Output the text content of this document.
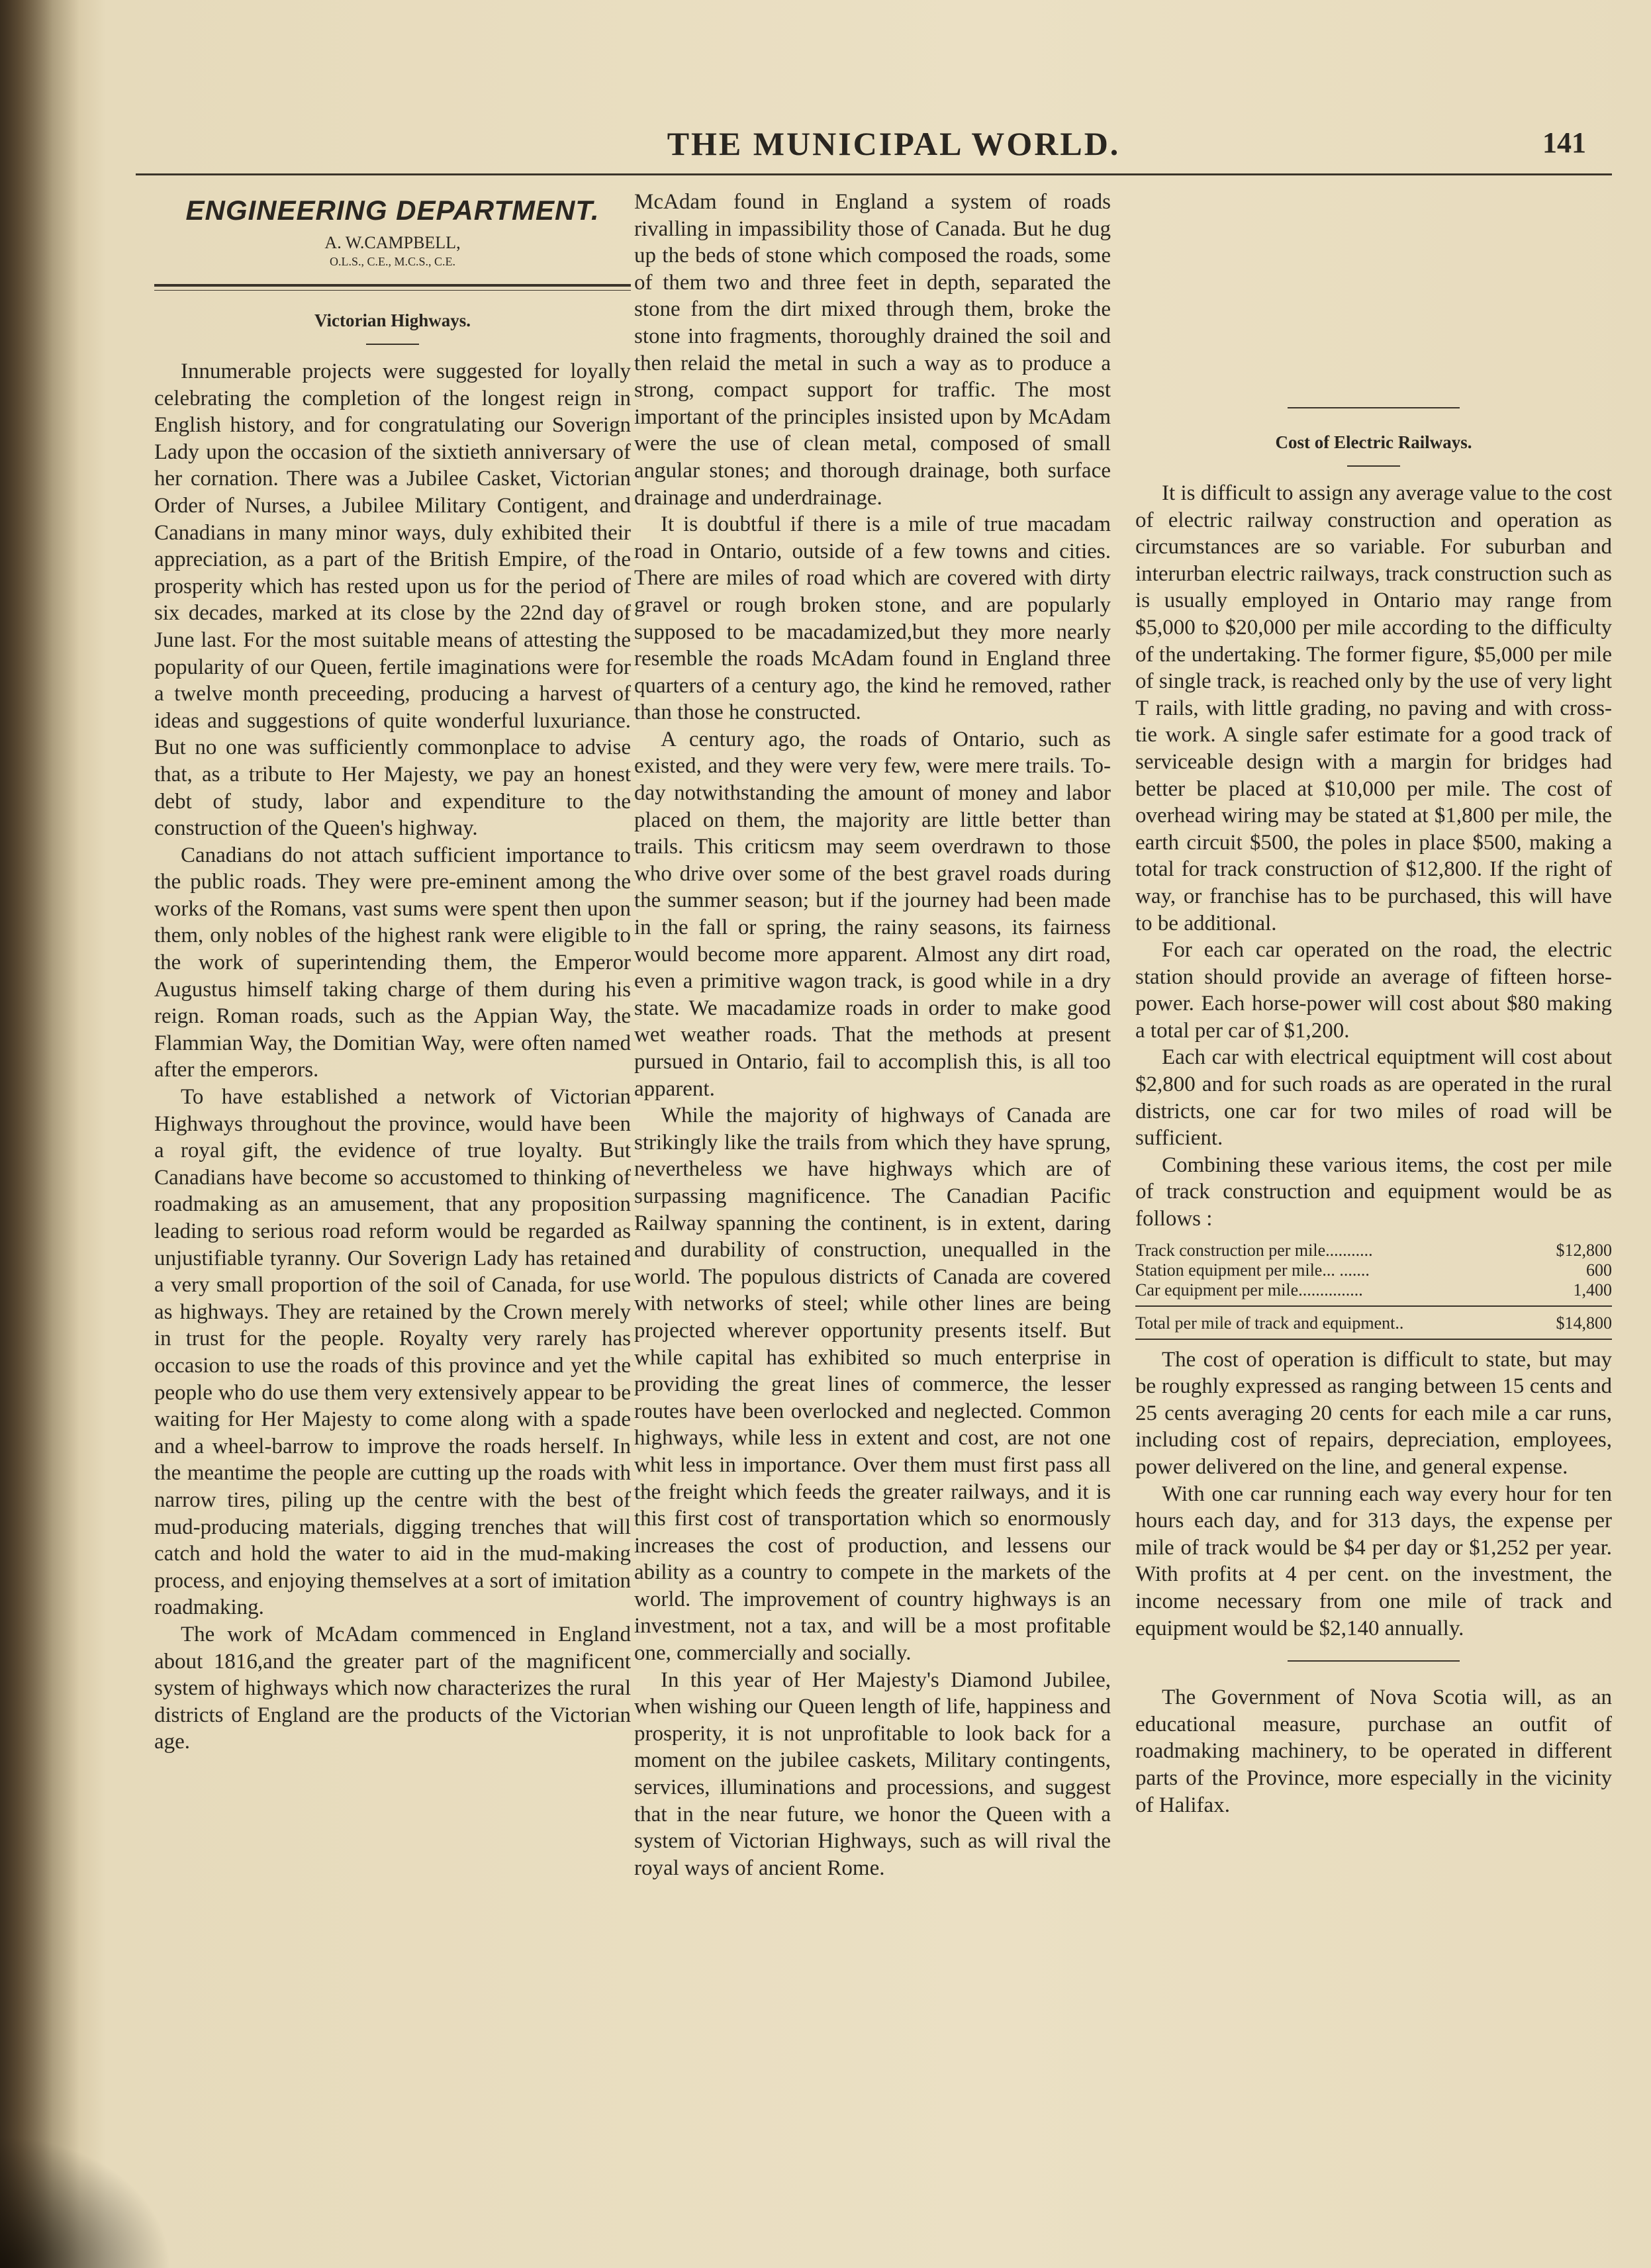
THE MUNICIPAL WORLD.	141
ENGINEERING DEPARTMENT.
A. W.CAMPBELL,
O.L.S., C.E., M.C.S., C.E.
Victorian Highways.

Innumerable projects were suggested for loyally celebrating the completion of the longest reign in English history, and for congratulating our Soverign Lady upon the occasion of the sixtieth anniversary of her cornation. There was a Jubilee Casket, Victorian Order of Nurses, a Jubilee Military Contigent, and Canadians in many minor ways, duly exhibited their appreciation, as a part of the British Empire, of the prosperity which has rested upon us for the period of six decades, marked at its close by the 22nd day of June last. For the most suitable means of attesting the popularity of our Queen, fertile imaginations were for a twelve month preceeding, producing a harvest of ideas and suggestions of quite wonderful luxuriance. But no one was sufficiently commonplace to advise that, as a tribute to Her Majesty, we pay an honest debt of study, labor and expenditure to the construction of the Queen's highway.

Canadians do not attach sufficient importance to the public roads. They were pre-eminent among the works of the Romans, vast sums were spent then upon them, only nobles of the highest rank were eligible to the work of superintending them, the Emperor Augustus himself taking charge of them during his reign. Roman roads, such as the Appian Way, the Flammian Way, the Domitian Way, were often named after the emperors.

To have established a network of Victorian Highways throughout the province, would have been a royal gift, the evidence of true loyalty. But Canadians have become so accustomed to thinking of roadmaking as an amusement, that any proposition leading to serious road reform would be regarded as unjustifiable tyranny. Our Soverign Lady has retained a very small proportion of the soil of Canada, for use as highways. They are retained by the Crown merely in trust for the people. Royalty very rarely has occasion to use the roads of this province and yet the people who do use them very extensively appear to be waiting for Her Majesty to come along with a spade and a wheel-barrow to improve the roads herself. In the meantime the people are cutting up the roads with narrow tires, piling up the centre with the best of mud-producing materials, digging trenches that will catch and hold the water to aid in the mud-making process, and enjoying themselves at a sort of imitation roadmaking.

The work of McAdam commenced in England about 1816,and the greater part of the magnificent system of highways which now characterizes the rural districts of England are the products of the Victorian age.

McAdam found in England a system of roads rivalling in impassibility those of Canada. But he dug up the beds of stone which composed the roads, some of them two and three feet in depth, separated the stone from the dirt mixed through them, broke the stone into fragments, thoroughly drained the soil and then relaid the metal in such a way as to produce a strong, compact support for traffic. The most important of the principles insisted upon by McAdam were the use of clean metal, composed of small angular stones; and thorough drainage, both surface drainage and underdrainage.

It is doubtful if there is a mile of true macadam road in Ontario, outside of a few towns and cities. There are miles of road which are covered with dirty gravel or rough broken stone, and are popularly supposed to be macadamized,but they more nearly resemble the roads McAdam found in England three quarters of a century ago, the kind he removed, rather than those he constructed.

A century ago, the roads of Ontario, such as existed, and they were very few, were mere trails. To-day notwithstanding the amount of money and labor placed on them, the majority are little better than trails. This criticsm may seem overdrawn to those who drive over some of the best gravel roads during the summer season; but if the journey had been made in the fall or spring, the rainy seasons, its fairness would become more apparent. Almost any dirt road, even a primitive wagon track, is good while in a dry state. We macadamize roads in order to make good wet weather roads. That the methods at present pursued in Ontario, fail to accomplish this, is all too apparent.

While the majority of highways of Canada are strikingly like the trails from which they have sprung, nevertheless we have highways which are of surpassing magnificence. The Canadian Pacific Railway spanning the continent, is in extent, daring and durability of construction, unequalled in the world. The populous districts of Canada are covered with networks of steel; while other lines are being projected wherever opportunity presents itself. But while capital has exhibited so much enterprise in providing the great lines of commerce, the lesser routes have been overlocked and neglected. Common highways, while less in extent and cost, are not one whit less in importance. Over them must first pass all the freight which feeds the greater railways, and it is this first cost of transportation which so enormously increases the cost of production, and lessens our ability as a country to compete in the markets of the world. The improvement of country highways is an investment, not a tax, and will be a most profitable one, commercially and socially.

In this year of Her Majesty's Diamond Jubilee, when wishing our Queen length of life, happiness and prosperity, it is not unprofitable to look back for a moment on the jubilee caskets, Military contingents, services, illuminations and processions, and suggest that in the near future, we honor the Queen with a system of Victorian Highways, such as will rival the royal ways of ancient Rome.

Cost of Electric Railways.

It is difficult to assign any average value to the cost of electric railway construction and operation as circumstances are so variable. For suburban and interurban electric railways, track construction such as is usually employed in Ontario may range from $5,000 to $20,000 per mile according to the difficulty of the undertaking. The former figure, $5,000 per mile of single track, is reached only by the use of very light T rails, with little grading, no paving and with cross-tie work. A single safer estimate for a good track of serviceable design with a margin for bridges had better be placed at $10,000 per mile. The cost of overhead wiring may be stated at $1,800 per mile, the earth circuit $500, the poles in place $500, making a total for track construction of $12,800. If the right of way, or franchise has to be purchased, this will have to be additional.

For each car operated on the road, the electric station should provide an average of fifteen horse-power. Each horse-power will cost about $80 making a total per car of $1,200.

Each car with electrical equiptment will cost about $2,800 and for such roads as are operated in the rural districts, one car for two miles of road will be sufficient.

Combining these various items, the cost per mile of track construction and equipment would be as follows :

Track construction per mile...........	$12,800
Station equipment per mile... .......	600
Car equipment per mile...............	1,400
Total per mile of track and equipment..	$14,800

The cost of operation is difficult to state, but may be roughly expressed as ranging between 15 cents and 25 cents averaging 20 cents for each mile a car runs, including cost of repairs, depreciation, employees, power delivered on the line, and general expense.

With one car running each way every hour for ten hours each day, and for 313 days, the expense per mile of track would be $4 per day or $1,252 per year. With profits at 4 per cent. on the investment, the income necessary from one mile of track and equipment would be $2,140 annually.

The Government of Nova Scotia will, as an educational measure, purchase an outfit of roadmaking machinery, to be operated in different parts of the Province, more especially in the vicinity of Halifax.
